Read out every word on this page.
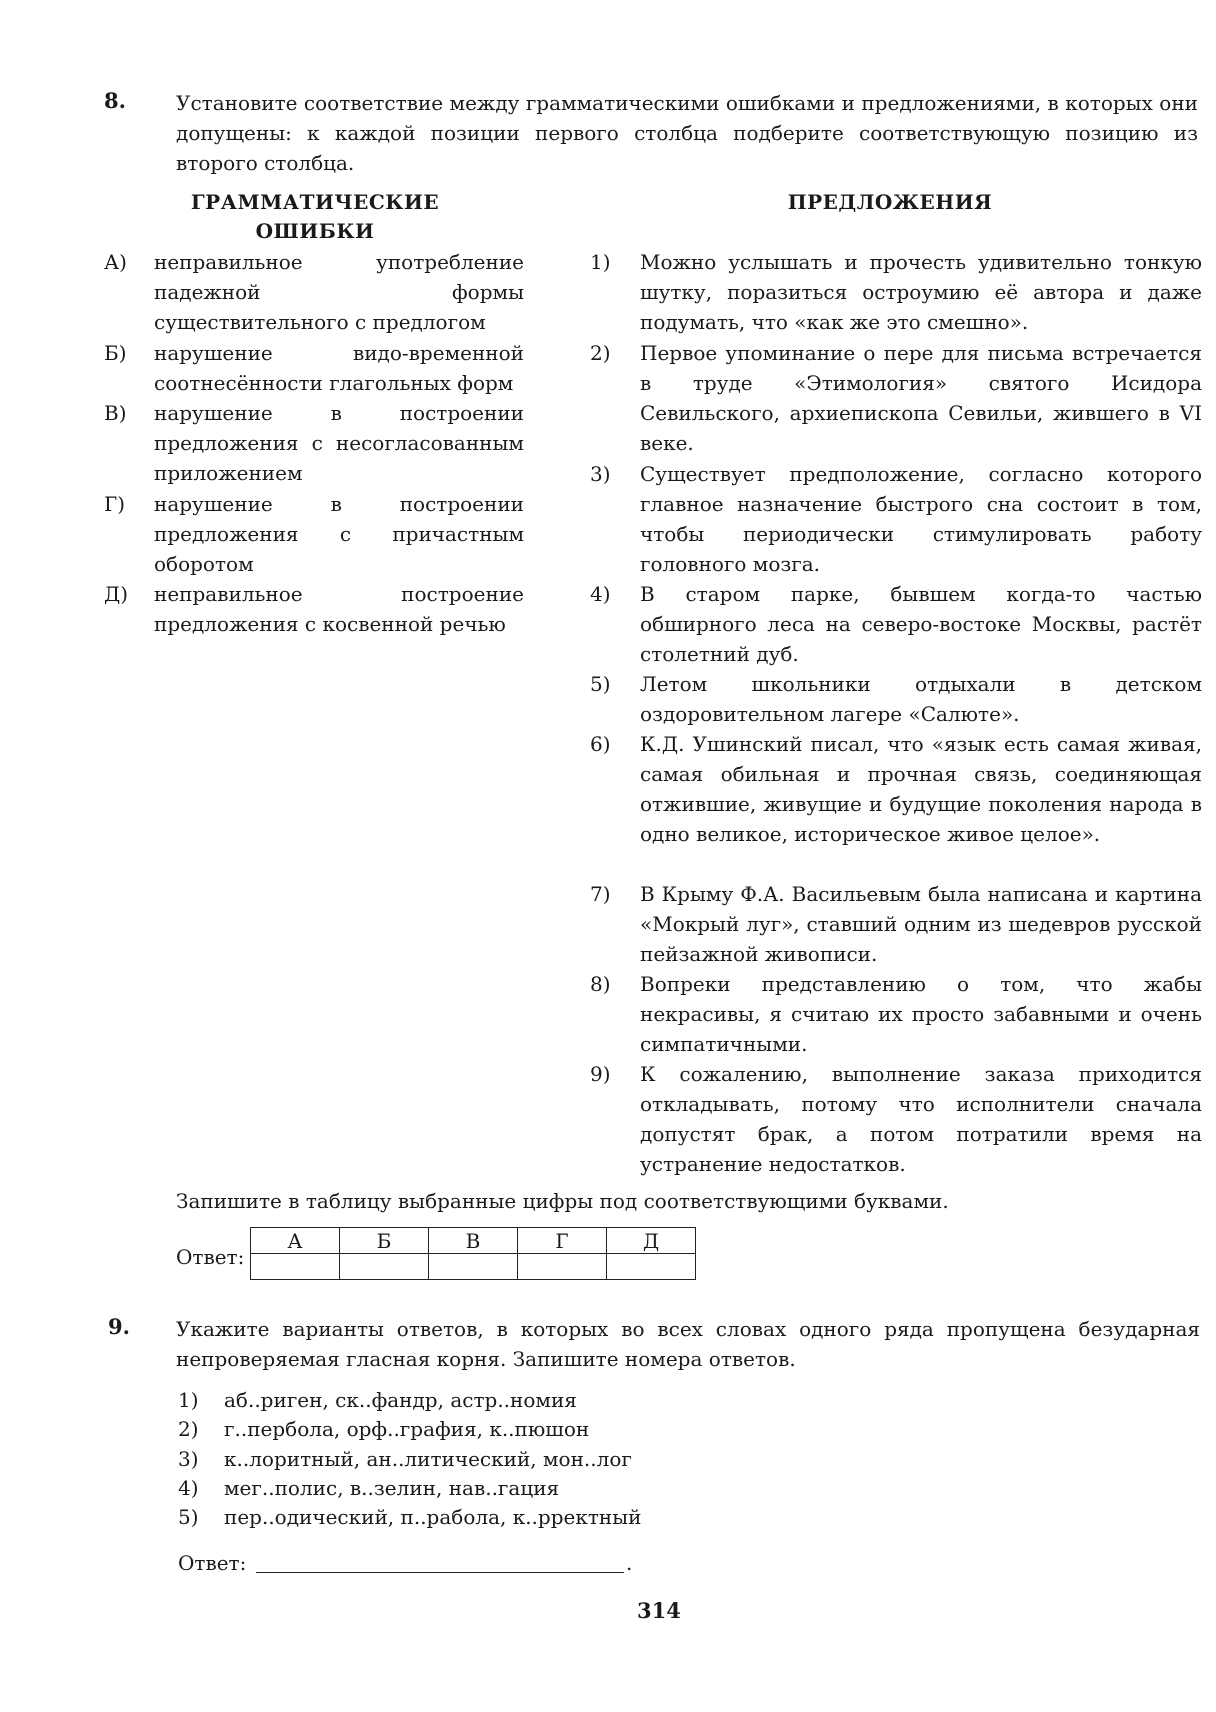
8.	Установите соответствие между грамматическими ошибками и предложениями, в которых они допущены: к каждой позиции первого столбца подберите соответствующую позицию из второго столбца.
ГРАММАТИЧЕСКИЕ
ОШИБКИ
ПРЕДЛОЖЕНИЯ
А) неправильное употребление падежной формы существительного с предлогом
Б) нарушение видо-временной соотнесённости глагольных форм
В) нарушение в построении предложения с несогласованным приложением
Г) нарушение в построении предложения с причастным оборотом
Д) неправильное построение предложения с косвенной речью
1) Можно услышать и прочесть удивительно тонкую шутку, поразиться остроумию её автора и даже подумать, что «как же это смешно».
2) Первое упоминание о пере для письма встречается в труде «Этимология» святого Исидора Севильского, архиепископа Севильи, жившего в VI веке.
3) Существует предположение, согласно которого главное назначение быстрого сна состоит в том, чтобы периодически стимулировать работу головного мозга.
4) В старом парке, бывшем когда-то частью обширного леса на северо-востоке Москвы, растёт столетний дуб.
5) Летом школьники отдыхали в детском оздоровительном лагере «Салюте».
6) К.Д. Ушинский писал, что «язык есть самая живая, самая обильная и прочная связь, соединяющая отжившие, живущие и будущие поколения народа в одно великое, историческое живое целое».
7) В Крыму Ф.А. Васильевым была написана и картина «Мокрый луг», ставший одним из шедевров русской пейзажной живописи.
8) Вопреки представлению о том, что жабы некрасивы, я считаю их просто забавными и очень симпатичными.
9) К сожалению, выполнение заказа приходится откладывать, потому что исполнители сначала допустят брак, а потом потратили время на устранение недостатков.
Запишите в таблицу выбранные цифры под соответствующими буквами.
Ответ:
А	Б	В	Г	Д

9. Укажите варианты ответов, в которых во всех словах одного ряда пропущена безударная непроверяемая гласная корня. Запишите номера ответов.
1) аб..риген, ск..фандр, астр..номия
2) г..пербола, орф..графия, к..пюшон
3) к..лоритный, ан..литический, мон..лог
4) мег..полис, в..зелин, нав..гация
5) пер..одический, п..рабола, к..рректный
Ответ:	.
314
